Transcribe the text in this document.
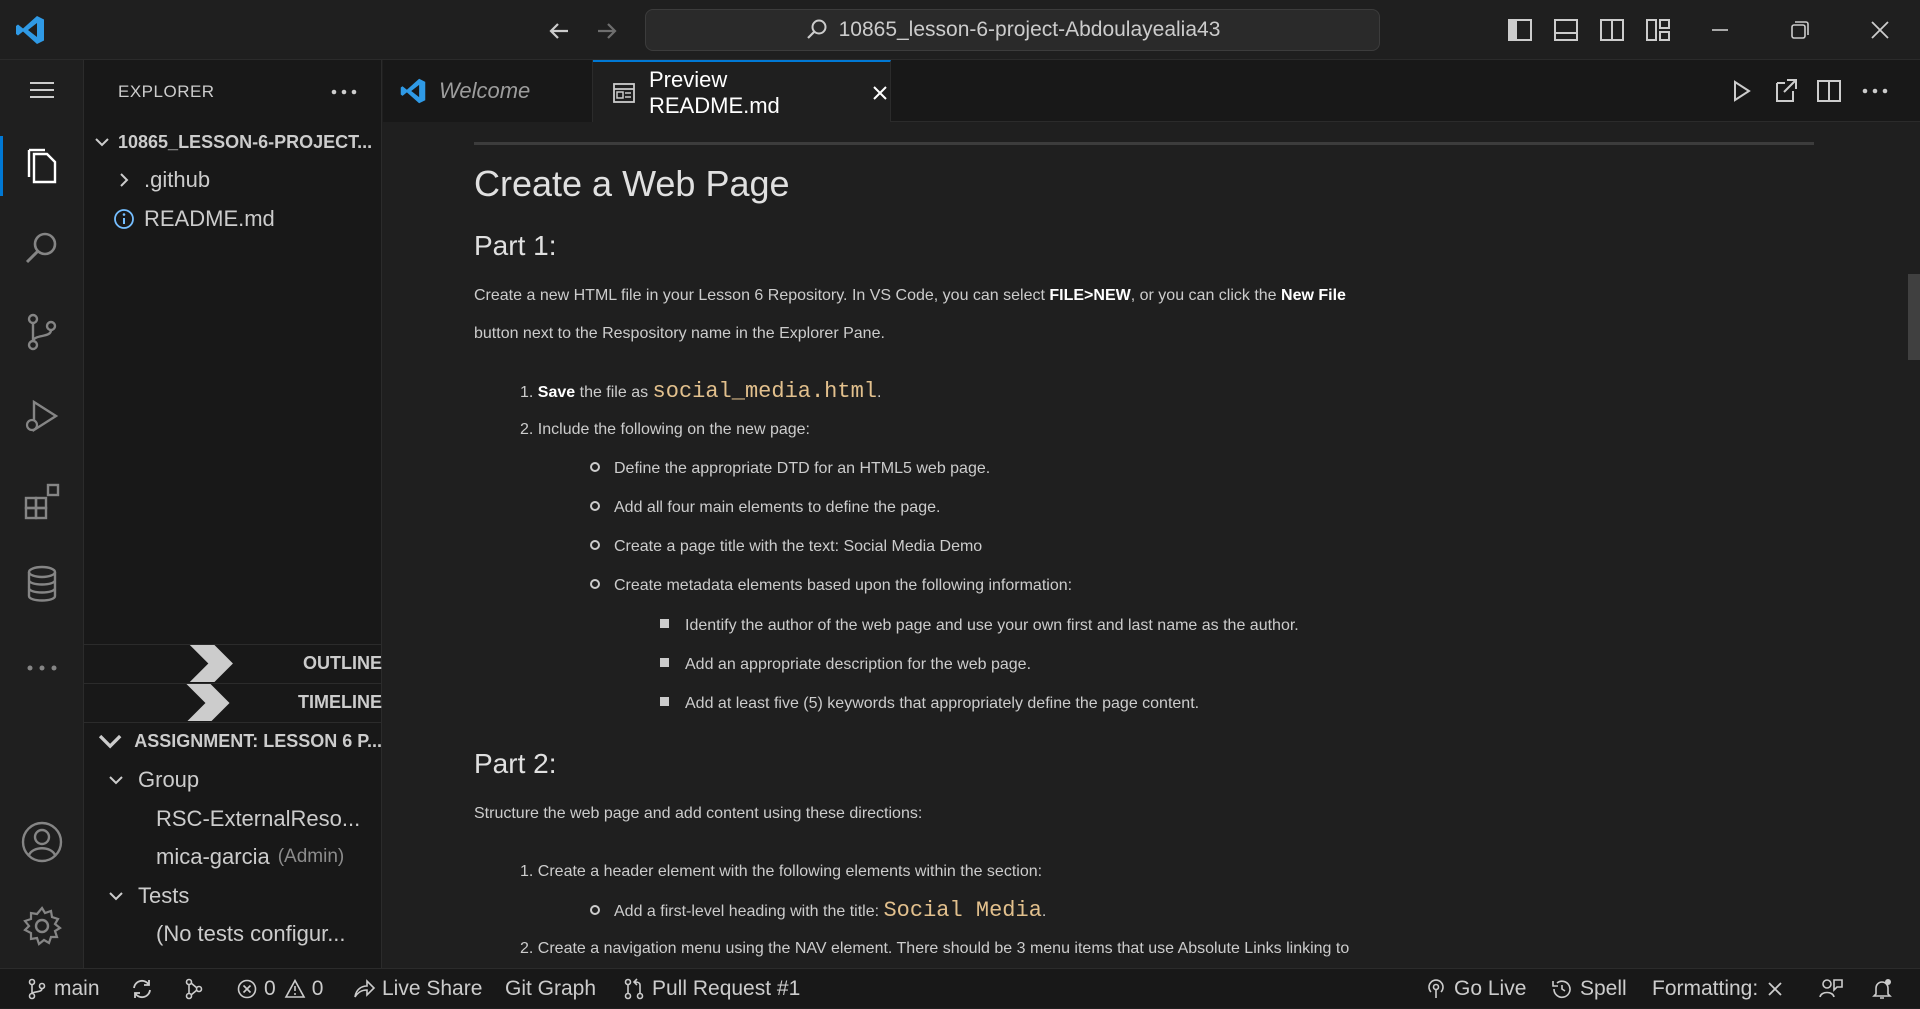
10865_lesson-6-project-Abdoulayealia43
EXPLORER
10865_LESSON-6-PROJECT...
.github
README.md
OUTLINE
TIMELINE
ASSIGNMENT: LESSON 6 P...
Group
RSC-ExternalReso...
mica-garcia (Admin)
Tests
(No tests configur...
Welcome	Preview README.md
Create a Web Page
Part 1:
Create a new HTML file in your Lesson 6 Repository. In VS Code, you can select FILE>NEW, or you can click the New File
button next to the Respository name in the Explorer Pane.
1. Save the file as social_media.html.
2. Include the following on the new page:
Define the appropriate DTD for an HTML5 web page.
Add all four main elements to define the page.
Create a page title with the text: Social Media Demo
Create metadata elements based upon the following information:
Identify the author of the web page and use your own first and last name as the author.
Add an appropriate description for the web page.
Add at least five (5) keywords that appropriately define the page content.
Part 2:
Structure the web page and add content using these directions:
1. Create a header element with the following elements within the section:
Add a first-level heading with the title: Social Media.
2. Create a navigation menu using the NAV element. There should be 3 menu items that use Absolute Links linking to
main	0 0	Live Share Git Graph	Pull Request #1	Go Live	Spell Formatting:
